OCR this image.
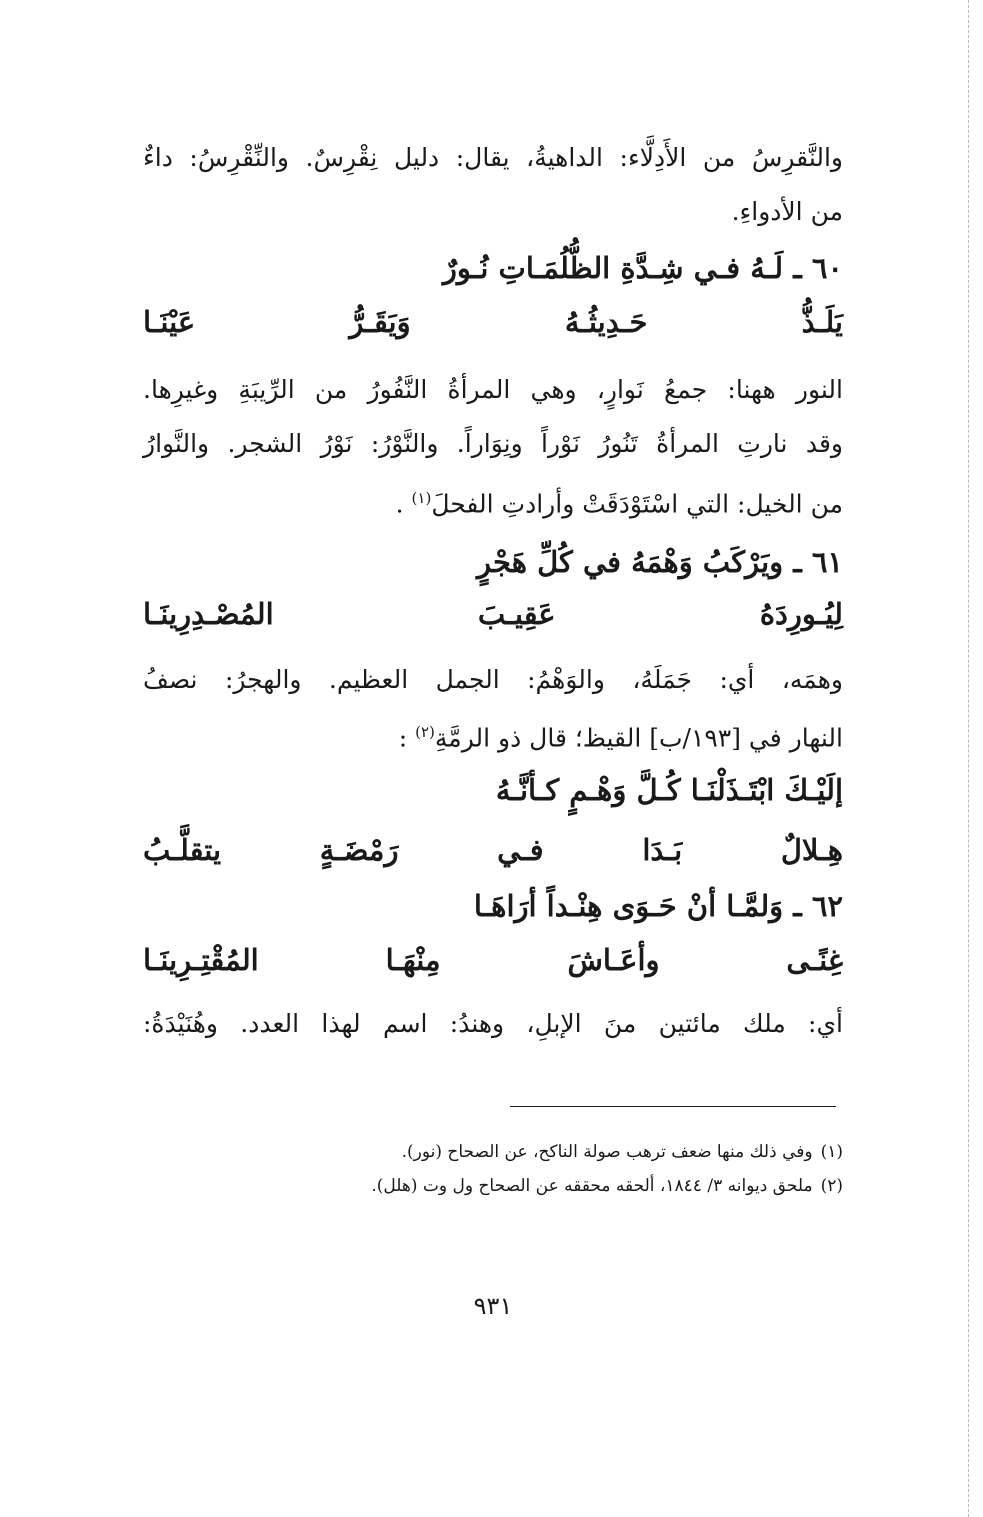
والنَّقرِسُ من الأَدِلَّاء: الداهيةُ، يقال: دليل نِقْرِسٌ. والنِّقْرِسُ: داءٌ
من الأدواءِ.
٦٠ ـ لَـهُ فـي شِـدَّةِ الظُّلُمَـاتِ نُـورٌ
يَلَـذُّ حَـدِيثُـهُ وَيَقَـرُّ عَيْنَـا
النور ههنا: جمعُ نَوارٍ، وهي المرأةُ النَّفُورُ من الرِّيبَةِ وغيرِها.
وقد نارتِ المرأةُ تَنُورُ نَوْراً ونِوَاراً. والنَّوْرُ: نَوْرُ الشجر. والنَّوارُ
من الخيل: التي اسْتَوْدَقَتْ وأرادتِ الفحلَ$^{(١)}$ .
٦١ ـ ويَرْكَبُ وَهْمَهُ في كُلِّ هَجْرٍ
لِيُـورِدَهُ عَقِيـبَ المُصْـدِرِينَـا
وهمَه، أي: جَمَلَهُ، والوَهْمُ: الجمل العظيم. والهجرُ: نصفُ
النهار في [١٩٣/ب] القيظ؛ قال ذو الرمَّةِ$^{(٢)}$ :
إلَيْـكَ ابْتَـذَلْنَـا كُـلَّ وَهْـمٍ كـأنَّـهُ
هِـلالٌ بَـدَا فـي رَمْضَـةٍ يتقلَّـبُ
٦٢ ـ وَلمَّـا أنْ حَـوَى هِنْـداً أرَاهَـا
غِنًـى وأعَـاشَ مِنْهَـا المُقْتِـرِينَـا
أي: ملك مائتين منَ الإبلِ، وهندُ: اسم لهذا العدد. وهُنَيْدَةُ:
(١)وفي ذلك منها ضعف ترهب صولة الناكح، عن الصحاح (نور).
(٢)ملحق ديوانه ٣/ ١٨٤٤، ألحقه محققه عن الصحاح ول وت (هلل).
٩٣١
